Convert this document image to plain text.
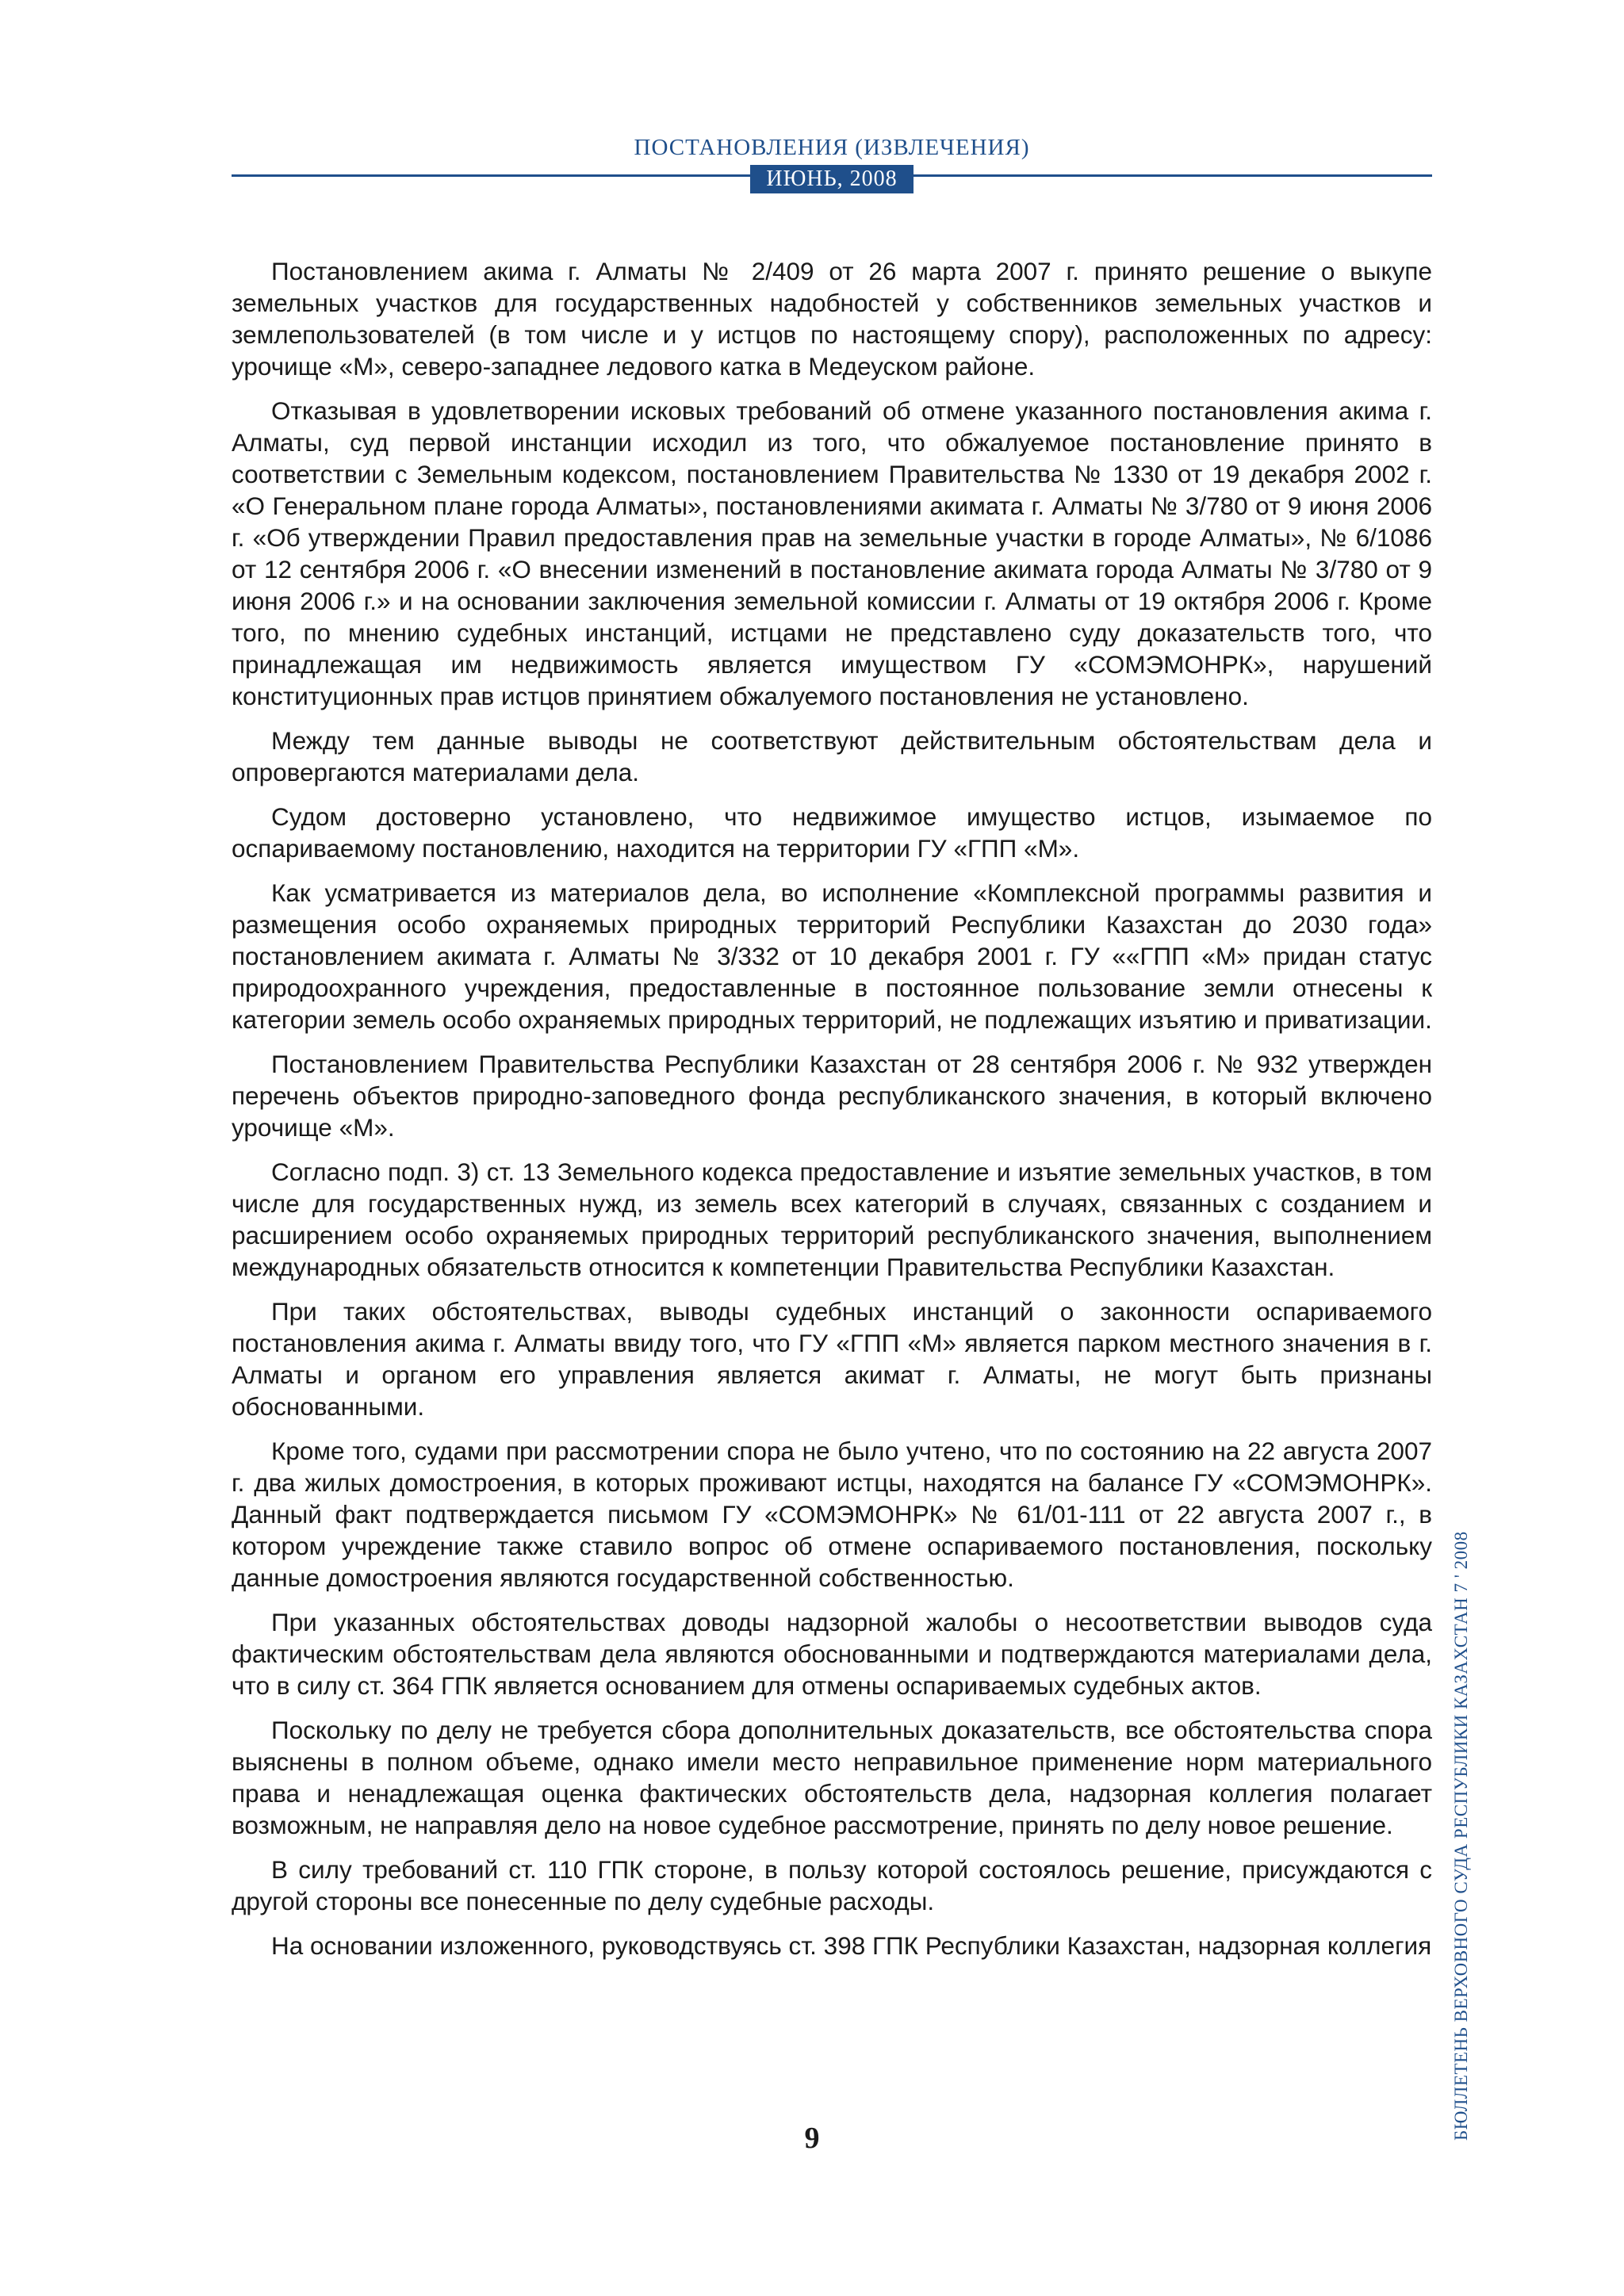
ПОСТАНОВЛЕНИЯ (ИЗВЛЕЧЕНИЯ)
ИЮНЬ, 2008

Постановлением акима г. Алматы № 2/409 от 26 марта 2007 г. принято решение о выкупе земельных участков для государственных надобностей у собственников земельных участков и землепользователей (в том числе и у истцов по настоящему спору), расположенных по адресу: урочище «М», северо-западнее ледового катка в Медеуском районе.

Отказывая в удовлетворении исковых требований об отмене указанного постановления акима г. Алматы, суд первой инстанции исходил из того, что обжалуемое постановление принято в соответствии с Земельным кодексом, постановлением Правительства № 1330 от 19 декабря 2002 г. «О Генеральном плане города Алматы», постановлениями акимата г. Алматы № 3/780 от 9 июня 2006 г. «Об утверждении Правил предоставления прав на земельные участки в городе Алматы», № 6/1086 от 12 сентября 2006 г. «О внесении изменений в постановление акимата города Алматы № 3/780 от 9 июня 2006 г.» и на основании заключения земельной комиссии г. Алматы от 19 октября 2006 г. Кроме того, по мнению судебных инстанций, истцами не представлено суду доказательств того, что принадлежащая им недвижимость является имуществом ГУ «СОМЭМОНРК», нарушений конституционных прав истцов принятием обжалуемого постановления не установлено.

Между тем данные выводы не соответствуют действительным обстоятельствам дела и опровергаются материалами дела.

Судом достоверно установлено, что недвижимое имущество истцов, изымаемое по оспариваемому постановлению, находится на территории ГУ «ГПП «М».

Как усматривается из материалов дела, во исполнение «Комплексной программы развития и размещения особо охраняемых природных территорий Республики Казахстан до 2030 года» постановлением акимата г. Алматы № 3/332 от 10 декабря 2001 г. ГУ ««ГПП «М» придан статус природоохранного учреждения, предоставленные в постоянное пользование земли отнесены к категории земель особо охраняемых природных территорий, не подлежащих изъятию и приватизации.

Постановлением Правительства Республики Казахстан от 28 сентября 2006 г. № 932 утвержден перечень объектов природно-заповедного фонда республиканского значения, в который включено урочище «М».

Согласно подп. 3) ст. 13 Земельного кодекса предоставление и изъятие земельных участков, в том числе для государственных нужд, из земель всех категорий в случаях, связанных с созданием и расширением особо охраняемых природных территорий республиканского значения, выполнением международных обязательств относится к компетенции Правительства Республики Казахстан.

При таких обстоятельствах, выводы судебных инстанций о законности оспариваемого постановления акима г. Алматы ввиду того, что ГУ «ГПП «М» является парком местного значения в г. Алматы и органом его управления является акимат г. Алматы, не могут быть признаны обоснованными.

Кроме того, судами при рассмотрении спора не было учтено, что по состоянию на 22 августа 2007 г. два жилых домостроения, в которых проживают истцы, находятся на балансе ГУ «СОМЭМОНРК». Данный факт подтверждается письмом ГУ «СОМЭМОНРК» № 61/01-111 от 22 августа 2007 г., в котором учреждение также ставило вопрос об отмене оспариваемого постановления, поскольку данные домостроения являются государственной собственностью.

При указанных обстоятельствах доводы надзорной жалобы о несоответствии выводов суда фактическим обстоятельствам дела являются обоснованными и подтверждаются материалами дела, что в силу ст. 364 ГПК является основанием для отмены оспариваемых судебных актов.

Поскольку по делу не требуется сбора дополнительных доказательств, все обстоятельства спора выяснены в полном объеме, однако имели место неправильное применение норм материального права и ненадлежащая оценка фактических обстоятельств дела, надзорная коллегия полагает возможным, не направляя дело на новое судебное рассмотрение, принять по делу новое решение.

В силу требований ст. 110 ГПК стороне, в пользу которой состоялось решение, присуждаются с другой стороны все понесенные по делу судебные расходы.

На основании изложенного, руководствуясь ст. 398 ГПК Республики Казахстан, надзорная коллегия

9	БЮЛЛЕТЕНЬ ВЕРХОВНОГО СУДА РЕСПУБЛИКИ КАЗАХСТАН 7 ' 2008
